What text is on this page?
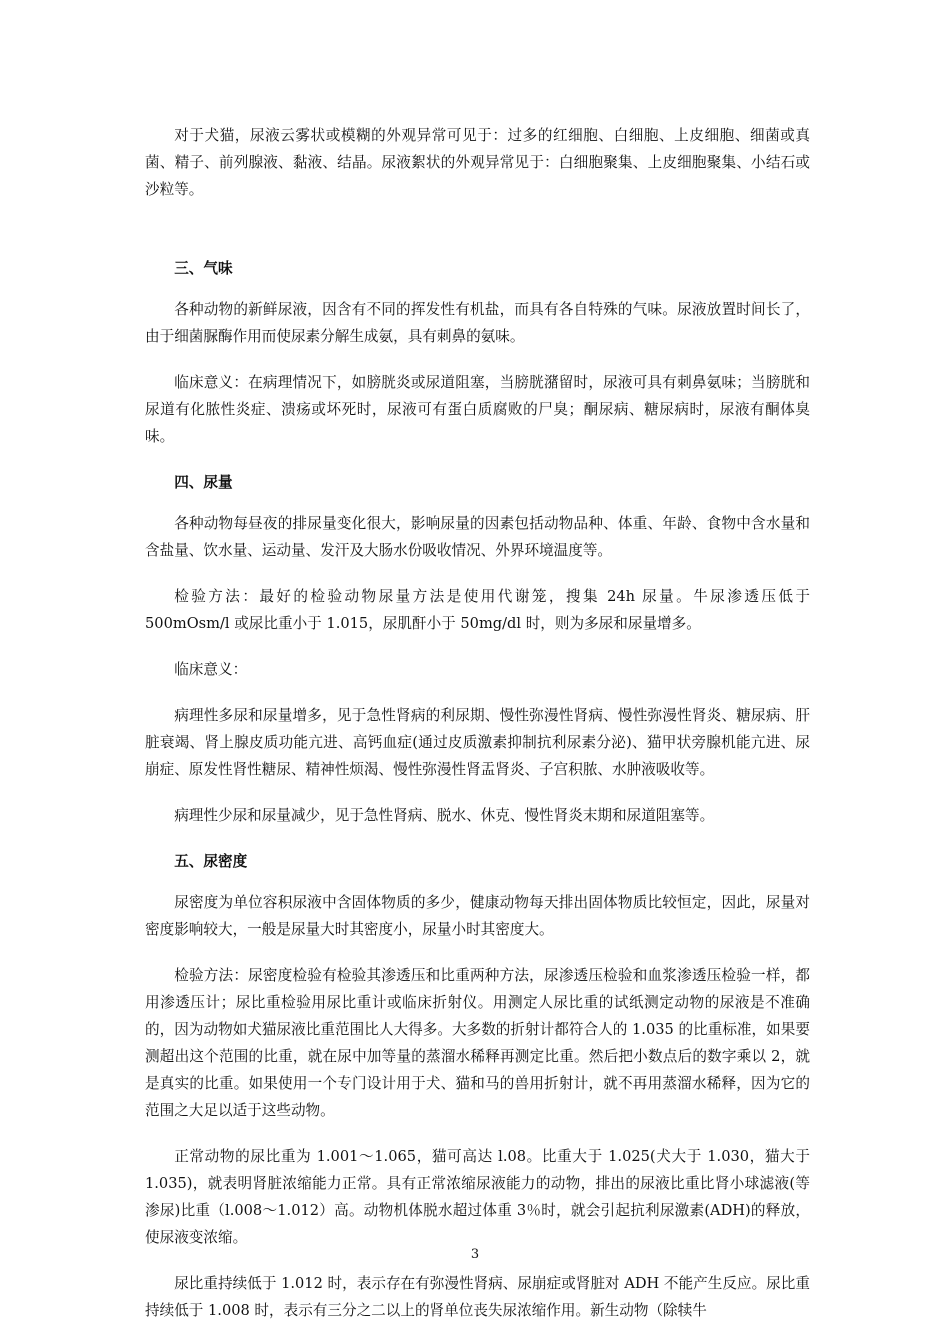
对于犬猫，尿液云雾状或模糊的外观异常可见于：过多的红细胞、白细胞、上皮细胞、细菌或真菌、精子、前列腺液、黏液、结晶。尿液絮状的外观异常见于：白细胞聚集、上皮细胞聚集、小结石或沙粒等。

三、气味

各种动物的新鲜尿液，因含有不同的挥发性有机盐，而具有各自特殊的气味。尿液放置时间长了，由于细菌脲酶作用而使尿素分解生成氨，具有刺鼻的氨味。

临床意义：在病理情况下，如膀胱炎或尿道阻塞，当膀胱潴留时，尿液可具有刺鼻氨味；当膀胱和尿道有化脓性炎症、溃疡或坏死时，尿液可有蛋白质腐败的尸臭；酮尿病、糖尿病时，尿液有酮体臭味。

四、尿量

各种动物每昼夜的排尿量变化很大，影响尿量的因素包括动物品种、体重、年龄、食物中含水量和含盐量、饮水量、运动量、发汗及大肠水份吸收情况、外界环境温度等。

检验方法：最好的检验动物尿量方法是使用代谢笼，搜集 24h 尿量。牛尿渗透压低于 500mOsm/l 或尿比重小于 1.015，尿肌酐小于 50mg/dl 时，则为多尿和尿量增多。

临床意义：

病理性多尿和尿量增多，见于急性肾病的利尿期、慢性弥漫性肾病、慢性弥漫性肾炎、糖尿病、肝脏衰竭、肾上腺皮质功能亢进、高钙血症(通过皮质激素抑制抗利尿素分泌)、猫甲状旁腺机能亢进、尿崩症、原发性肾性糖尿、精神性烦渴、慢性弥漫性肾盂肾炎、子宫积脓、水肿液吸收等。

病理性少尿和尿量减少，见于急性肾病、脱水、休克、慢性肾炎末期和尿道阻塞等。

五、尿密度

尿密度为单位容积尿液中含固体物质的多少，健康动物每天排出固体物质比较恒定，因此，尿量对密度影响较大，一般是尿量大时其密度小，尿量小时其密度大。

检验方法：尿密度检验有检验其渗透压和比重两种方法，尿渗透压检验和血浆渗透压检验一样，都用渗透压计；尿比重检验用尿比重计或临床折射仪。用测定人尿比重的试纸测定动物的尿液是不准确的，因为动物如犬猫尿液比重范围比人大得多。大多数的折射计都符合人的 1.035 的比重标准，如果要测超出这个范围的比重，就在尿中加等量的蒸溜水稀释再测定比重。然后把小数点后的数字乘以 2，就是真实的比重。如果使用一个专门设计用于犬、猫和马的兽用折射计，就不再用蒸溜水稀释，因为它的范围之大足以适于这些动物。

正常动物的尿比重为 1.001～1.065，猫可高达 l.08。比重大于 1.025(犬大于 1.030，猫大于 1.035)，就表明肾脏浓缩能力正常。具有正常浓缩尿液能力的动物，排出的尿液比重比肾小球滤液(等渗尿)比重（l.008～1.012）高。动物机体脱水超过体重 3％时，就会引起抗利尿激素(ADH)的释放，使尿液变浓缩。

尿比重持续低于 1.012 时，表示存在有弥漫性肾病、尿崩症或肾脏对 ADH 不能产生反应。尿比重持续低于 1.008 时，表示有三分之二以上的肾单位丧失尿浓缩作用。新生动物（除犊牛

3
